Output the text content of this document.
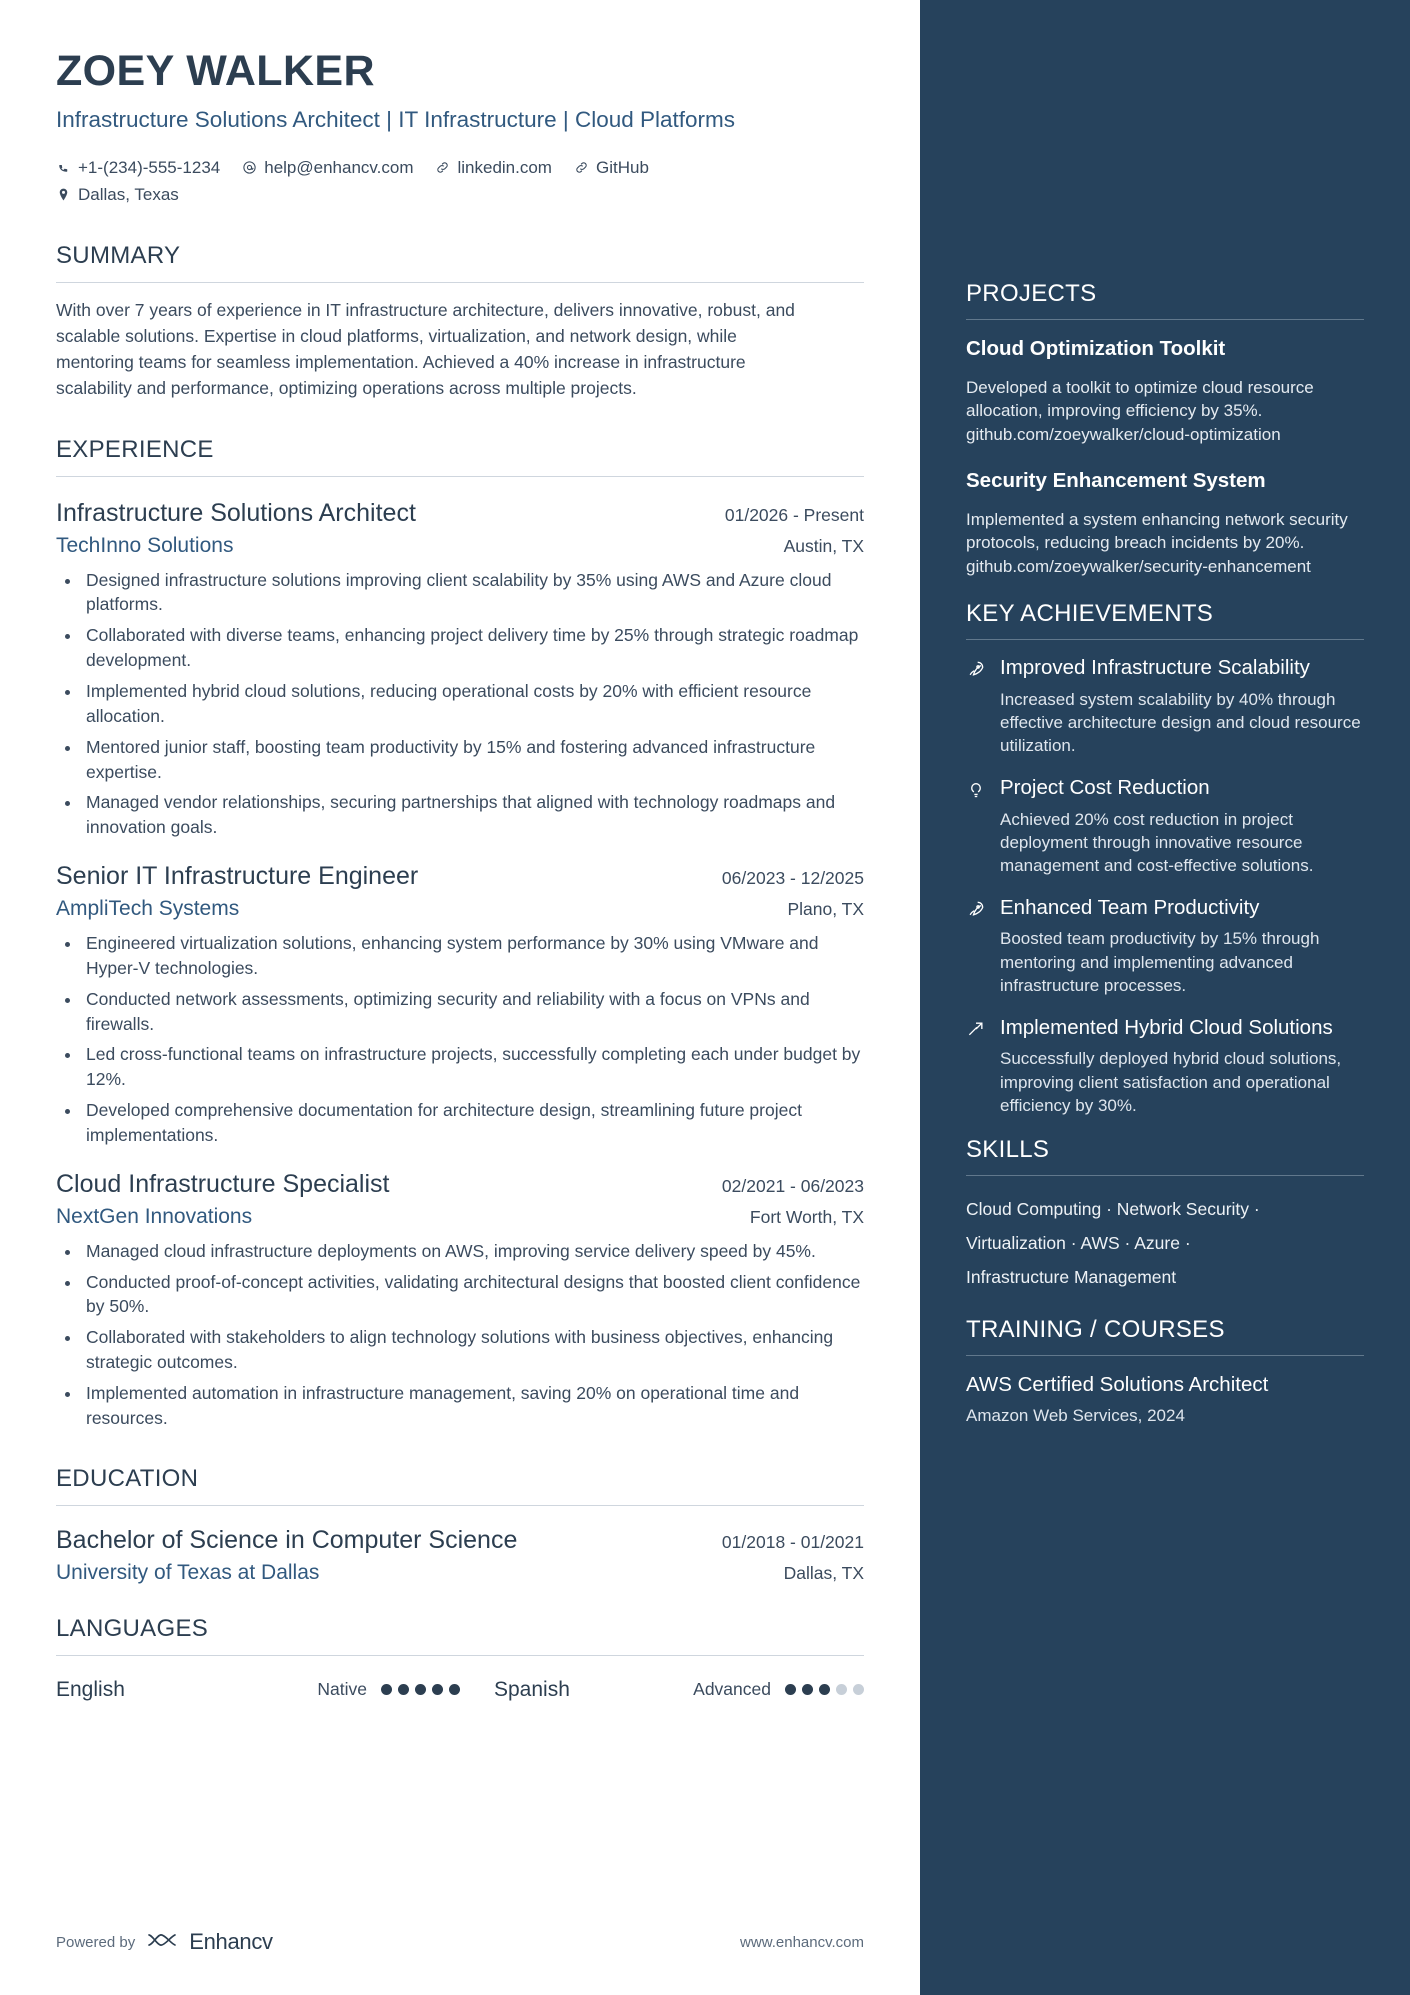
ZOEY WALKER
Infrastructure Solutions Architect | IT Infrastructure | Cloud Platforms
+1-(234)-555-1234	help@enhancv.com	linkedin.com	GitHub
Dallas, Texas
SUMMARY
With over 7 years of experience in IT infrastructure architecture, delivers innovative, robust, and scalable solutions. Expertise in cloud platforms, virtualization, and network design, while mentoring teams for seamless implementation. Achieved a 40% increase in infrastructure scalability and performance, optimizing operations across multiple projects.
EXPERIENCE
Infrastructure Solutions Architect	01/2026 - Present
TechInno Solutions	Austin, TX
• Designed infrastructure solutions improving client scalability by 35% using AWS and Azure cloud platforms.
• Collaborated with diverse teams, enhancing project delivery time by 25% through strategic roadmap development.
• Implemented hybrid cloud solutions, reducing operational costs by 20% with efficient resource allocation.
• Mentored junior staff, boosting team productivity by 15% and fostering advanced infrastructure expertise.
• Managed vendor relationships, securing partnerships that aligned with technology roadmaps and innovation goals.
Senior IT Infrastructure Engineer	06/2023 - 12/2025
AmpliTech Systems	Plano, TX
• Engineered virtualization solutions, enhancing system performance by 30% using VMware and Hyper-V technologies.
• Conducted network assessments, optimizing security and reliability with a focus on VPNs and firewalls.
• Led cross-functional teams on infrastructure projects, successfully completing each under budget by 12%.
• Developed comprehensive documentation for architecture design, streamlining future project implementations.
Cloud Infrastructure Specialist	02/2021 - 06/2023
NextGen Innovations	Fort Worth, TX
• Managed cloud infrastructure deployments on AWS, improving service delivery speed by 45%.
• Conducted proof-of-concept activities, validating architectural designs that boosted client confidence by 50%.
• Collaborated with stakeholders to align technology solutions with business objectives, enhancing strategic outcomes.
• Implemented automation in infrastructure management, saving 20% on operational time and resources.
EDUCATION
Bachelor of Science in Computer Science	01/2018 - 01/2021
University of Texas at Dallas	Dallas, TX
LANGUAGES
English	Native	Spanish	Advanced
Powered by Enhancv	www.enhancv.com
PROJECTS
Cloud Optimization Toolkit
Developed a toolkit to optimize cloud resource allocation, improving efficiency by 35%. github.com/zoeywalker/cloud-optimization
Security Enhancement System
Implemented a system enhancing network security protocols, reducing breach incidents by 20%. github.com/zoeywalker/security-enhancement
KEY ACHIEVEMENTS
Improved Infrastructure Scalability
Increased system scalability by 40% through effective architecture design and cloud resource utilization.
Project Cost Reduction
Achieved 20% cost reduction in project deployment through innovative resource management and cost-effective solutions.
Enhanced Team Productivity
Boosted team productivity by 15% through mentoring and implementing advanced infrastructure processes.
Implemented Hybrid Cloud Solutions
Successfully deployed hybrid cloud solutions, improving client satisfaction and operational efficiency by 30%.
SKILLS
Cloud Computing · Network Security ·
Virtualization · AWS · Azure ·
Infrastructure Management
TRAINING / COURSES
AWS Certified Solutions Architect
Amazon Web Services, 2024
